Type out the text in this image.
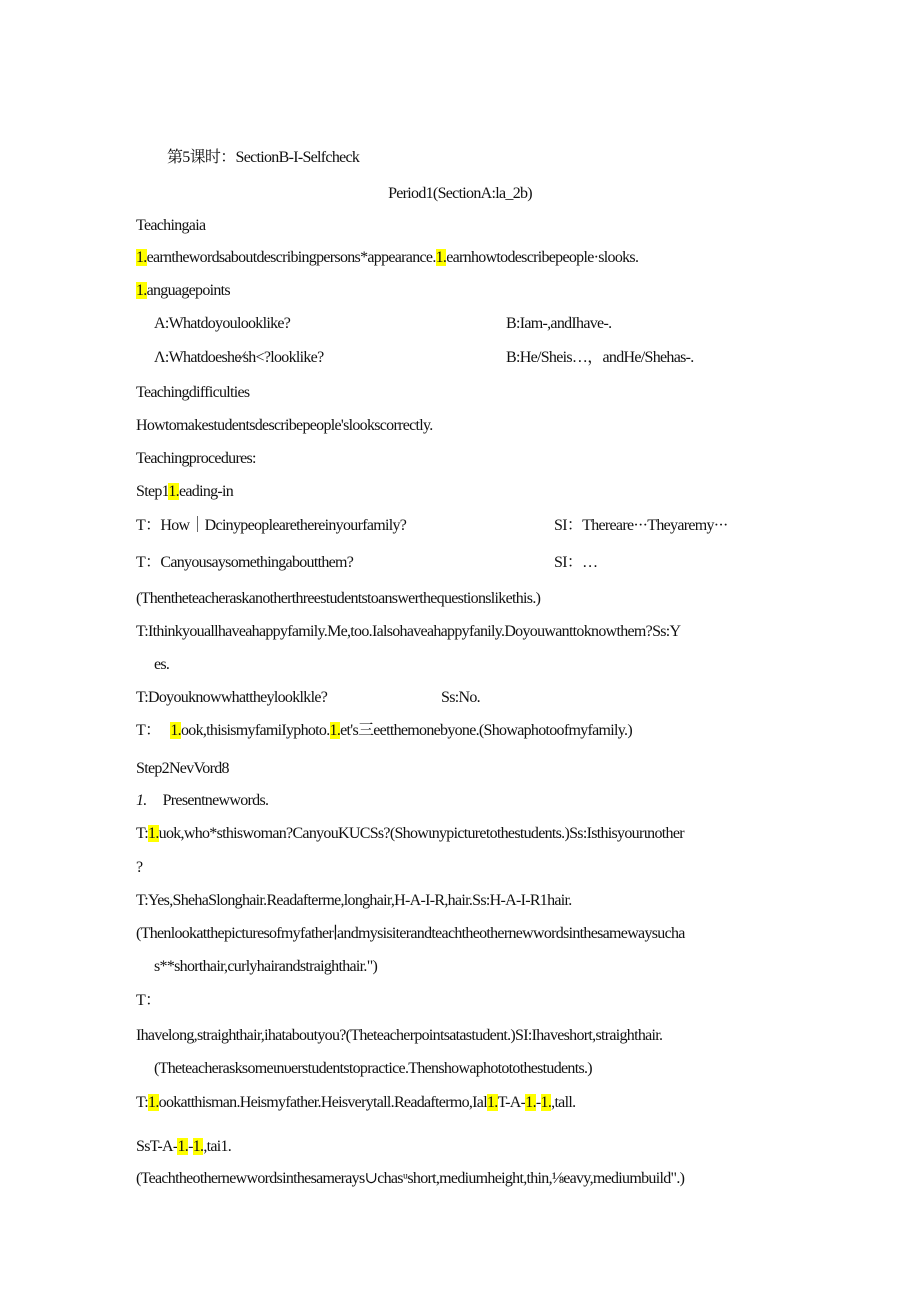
第5课时：SectionB-I-Selfcheck
Period1(SectionA:la_2b)
Teachingaia
1.earnthewordsaboutdescribingpersons*appearance.1.earnhowtodescribepeople·slooks.
1.anguagepoints
A:Whatdoyoulooklike?	B:Iam-,andIhave-.
Λ:Whatdoeshe∕sh<?looklike?	B:He/Sheis…，andHe/Shehas-.
Teachingdifficulties
Howtomakestudentsdescribepeople'slookscorrectly.
Teachingprocedures:
Step11.eading-in
T：How｜Dcinypeoplearethereinyourfamily?	SI：Thereare···Theyaremy···
T：Canyousaysomethingaboutthem?	SI：…
(Thentheteacheraskanotherthreestudentstoanswerthequestionslikethis.)
T:Ithinkyouallhaveahappyfamily.Me,too.Ialsohaveahappyfanily.Doyouwanttoknowthem?Ss:Y
es.
T:Doyouknowwhattheylooklkle?	Ss:No.
T： 1.ook,thisismyfamiIyphoto.1.et's三eetthemonebyone.(Showaphotoofmyfamily.)
Step2NevVord8
1. Presentnewwords.
T:1.uok,who*sthiswoman?CanyouKUCSs?(Showιnypicturetothestudents.)Ss:Isthisyourιnother
?
T:Yes,ShehaSlonghair.Readafterme,longhair,H-A-I-R,hair.Ss:H-A-I-R1hair.
(Thenlookatthepicturesofmyfather∣andmysisiterandteachtheothernewwordsinthesamewaysucha
s**shorthair,curlyhairandstraighthair.")
T：
Ihavelong,straighthair,ihataboutyou?(Theteacherpointsatastudent.)SI:Ihaveshort,straighthair.
(Theteacherasksomeιnυerstudentstopractice.Thenshowaphototothestudents.)
T:1.ookatthisman.Heismyfather.Heisverytall.Readaftermo,Ial1.T-A-1.-1.,tall.
SsT-A-1.-1.,tai1.
(Teachtheothernewwordsinthesamerays∪chasᵘshort,mediumheight,thin,⅛eavy,mediumbuild".)
